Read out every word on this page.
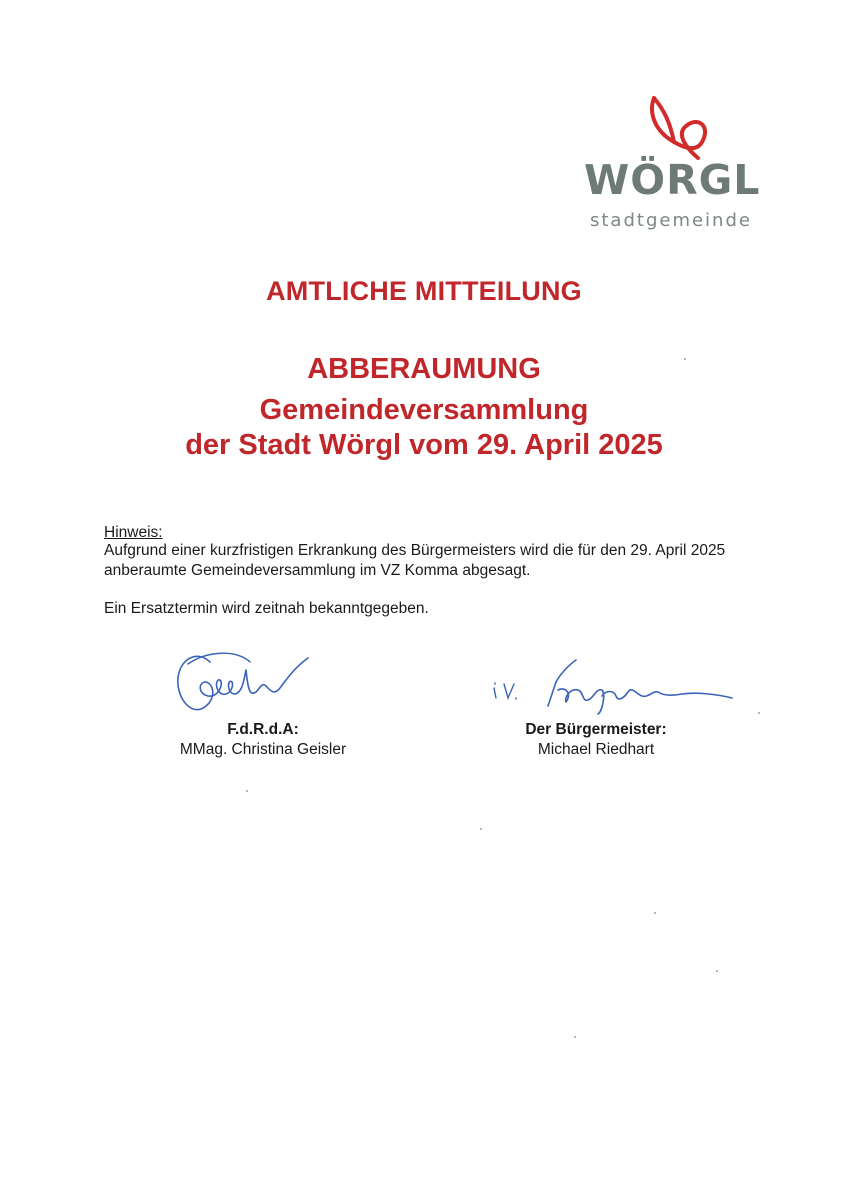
WÖRGL
stadtgemeinde
AMTLICHE MITTEILUNG
ABBERAUMUNG
Gemeindeversammlung
der Stadt Wörgl vom 29. April 2025

Hinweis:

Aufgrund einer kurzfristigen Erkrankung des Bürgermeisters wird die für den 29. April 2025 anberaumte Gemeindeversammlung im VZ Komma abgesagt.

Ein Ersatztermin wird zeitnah bekanntgegeben.

F.d.R.d.A:
MMag. Christina Geisler
Der Bürgermeister:
Michael Riedhart
